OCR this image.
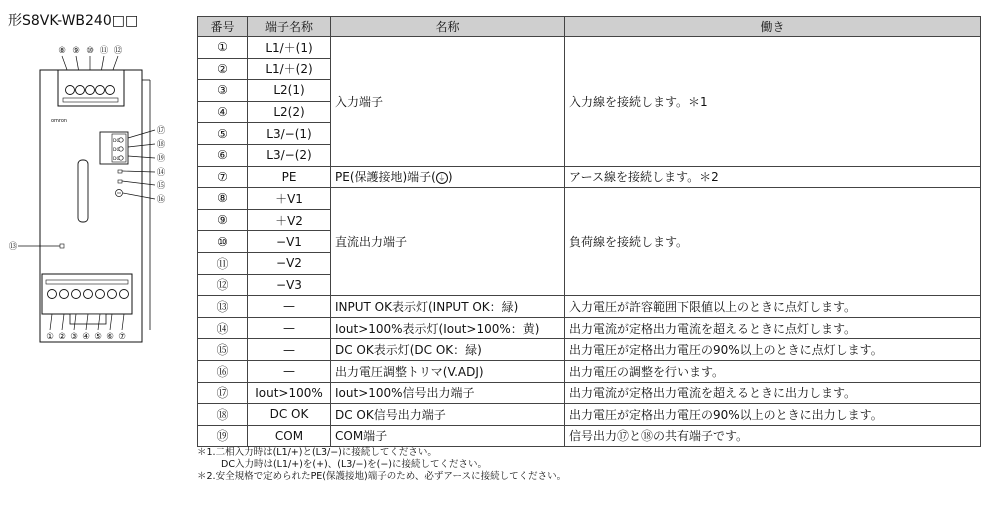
形S8VK-WB240□□
⑧ ⑨ ⑩ ⑪ ⑫
omron
DC
DC
DC
① ② ③ ④ ⑤ ⑥ ⑦
⑰
⑱
⑲
⑭
⑮
⑯
⑬
番号	端子名称	名称	働き
①	L1/＋(1)	入力端子	入力線を接続します。＊1
②	L1/＋(2)		
③	L2(1)		
④	L2(2)		
⑤	L3/−(1)		
⑥	L3/−(2)		
⑦	PE	PE(保護接地)端子( ⏚ )	アース線を接続します。＊2
⑧	＋V1	直流出力端子	負荷線を接続します。
⑨	＋V2		
⑩	−V1		
⑪	−V2		
⑫	−V3		
⑬	—	INPUT OK表示灯(INPUT OK：緑)	入力電圧が許容範囲下限値以上のときに点灯します。
⑭	—	Iout>100%表示灯(Iout>100%：黄)	出力電流が定格出力電流を超えるときに点灯します。
⑮	—	DC OK表示灯(DC OK：緑)	出力電圧が定格出力電圧の90%以上のときに点灯します。
⑯	—	出力電圧調整トリマ(V.ADJ)	出力電圧の調整を行います。
⑰	Iout>100%	Iout>100%信号出力端子	出力電流が定格出力電流を超えるときに出力します。
⑱	DC OK	DC OK信号出力端子	出力電圧が定格出力電圧の90%以上のときに出力します。
⑲	COM	COM端子	信号出力⑰と⑱の共有端子です。
＊1.二相入力時は(L1/+)と(L3/−)に接続してください。
DC入力時は(L1/+)を(+)、(L3/−)を(−)に接続してください。
＊2.安全規格で定められたPE(保護接地)端子のため、必ずアースに接続してください。
